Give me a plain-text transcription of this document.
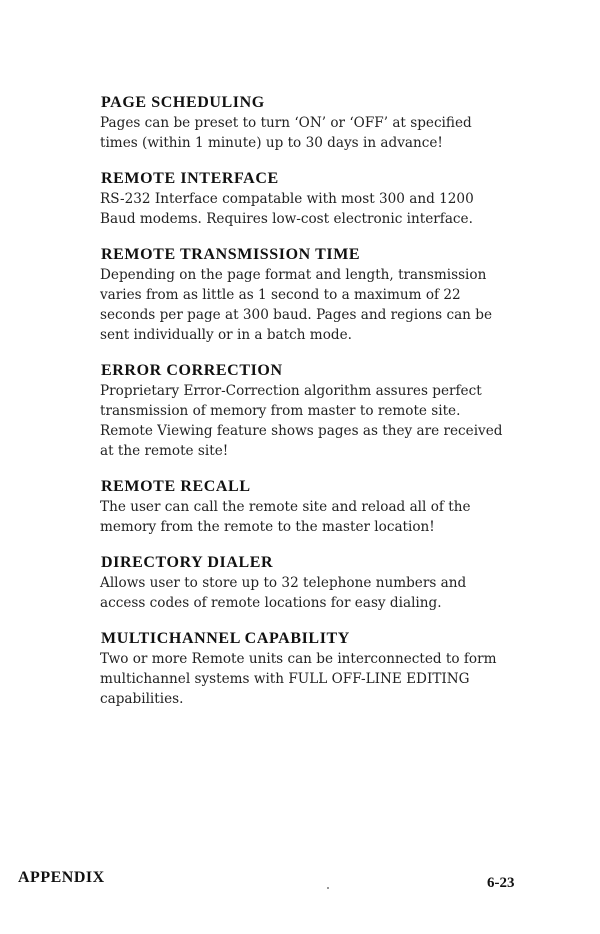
PAGE SCHEDULING

Pages can be preset to turn ‘ON’ or ‘OFF’ at specified times (within 1 minute) up to 30 days in advance!

REMOTE INTERFACE

RS-232 Interface compatable with most 300 and 1200 Baud modems. Requires low-cost electronic interface.

REMOTE TRANSMISSION TIME

Depending on the page format and length, transmission varies from as little as 1 second to a maximum of 22 seconds per page at 300 baud. Pages and regions can be sent individually or in a batch mode.

ERROR CORRECTION

Proprietary Error-Correction algorithm assures perfect transmission of memory from master to remote site. Remote Viewing feature shows pages as they are received at the remote site!

REMOTE RECALL

The user can call the remote site and reload all of the memory from the remote to the master location!

DIRECTORY DIALER

Allows user to store up to 32 telephone numbers and access codes of remote locations for easy dialing.

MULTICHANNEL CAPABILITY

Two or more Remote units can be interconnected to form multichannel systems with FULL OFF-LINE EDITING capabilities.

APPENDIX	6-23
